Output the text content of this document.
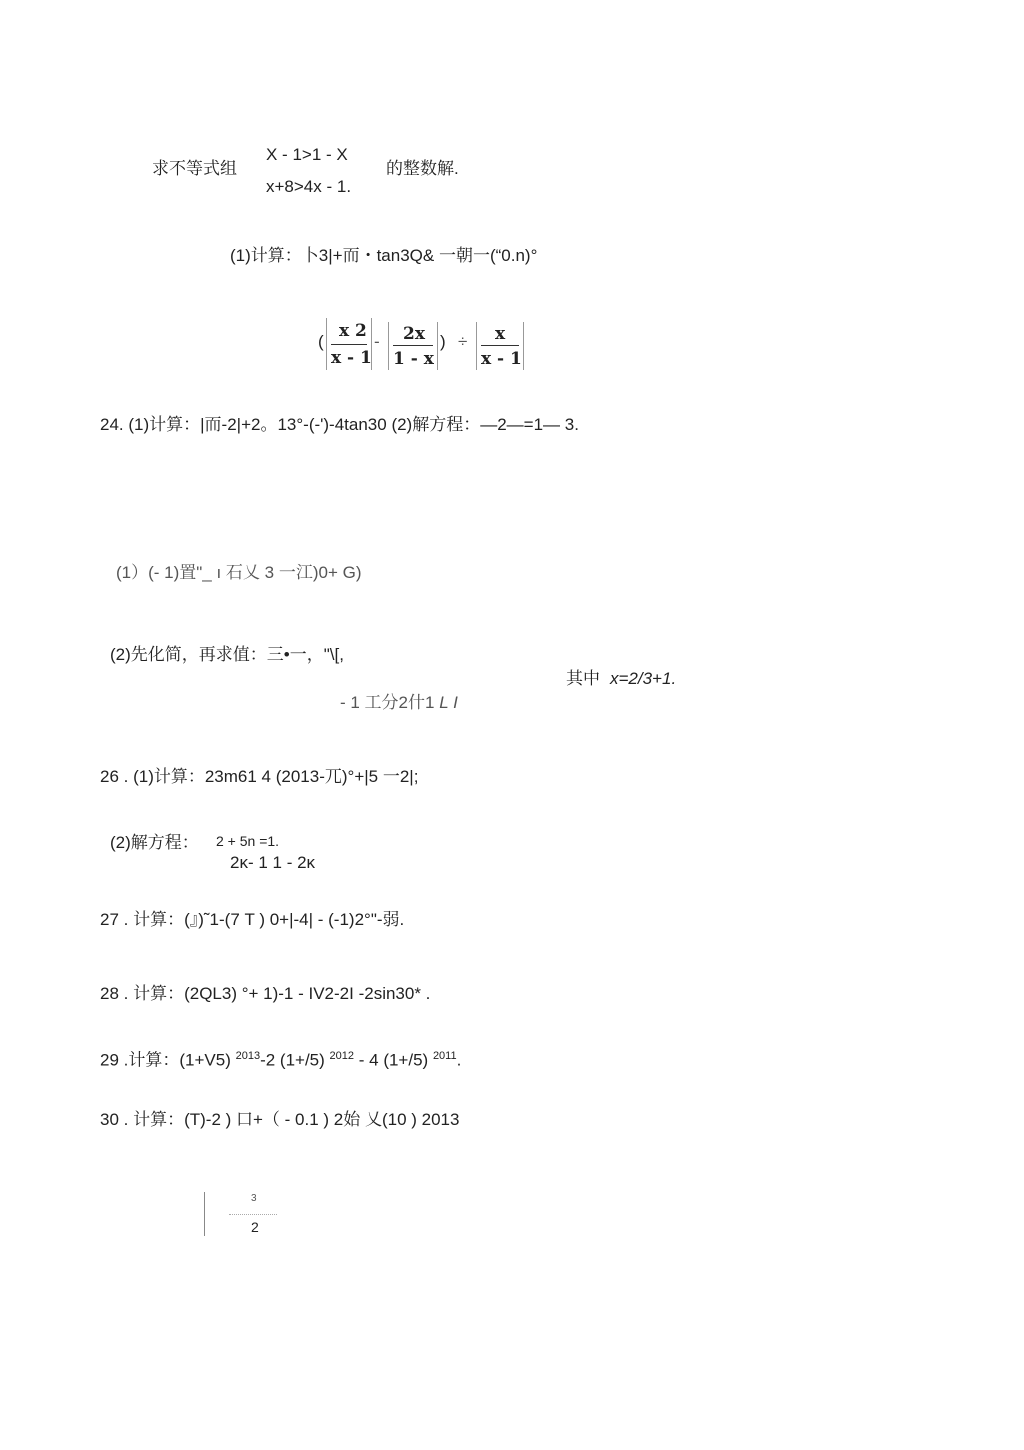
求不等式组
X - 1>1 - X
x+8>4x - 1.
的整数解.
(1)计算：卜3|+而・tan3Q& 一朝一(“0.n)°
(
x 2
x - 1
- 2x
1 - x
) ÷ x
x - 1
24. (1)计算：|而-2|+2。13°-(-')-4tan30 (2)解方程：—2—=1— 3.
(1）(- 1)置"_ ı 石乂 3 一江)0+ G)
(2)先化简，再求值：三•一，"\[,
其中 x=2/3+1.
- 1 工分2什1 L I
26 . (1)计算：23m61 4 (2013-兀)°+|5 一2|;
(2)解方程： 2 + 5n =1.
2κ- 1 1 - 2κ
27 . 计算：(』)˜1-(7 T ) 0+|-4| - (-1)2°"-弱.
28 . 计算：(2QL3) °+ 1)-1 - IV2-2I -2sin30* .
29 .计算：(1+V5) $^{2013}$-2 (1+/5) $^{2012}$ - 4 (1+/5) $^{2011}$.
30 . 计算：(T)-2 ) 口+（ - 0.1 ) 2始 乂(10 ) 2013
3
2
